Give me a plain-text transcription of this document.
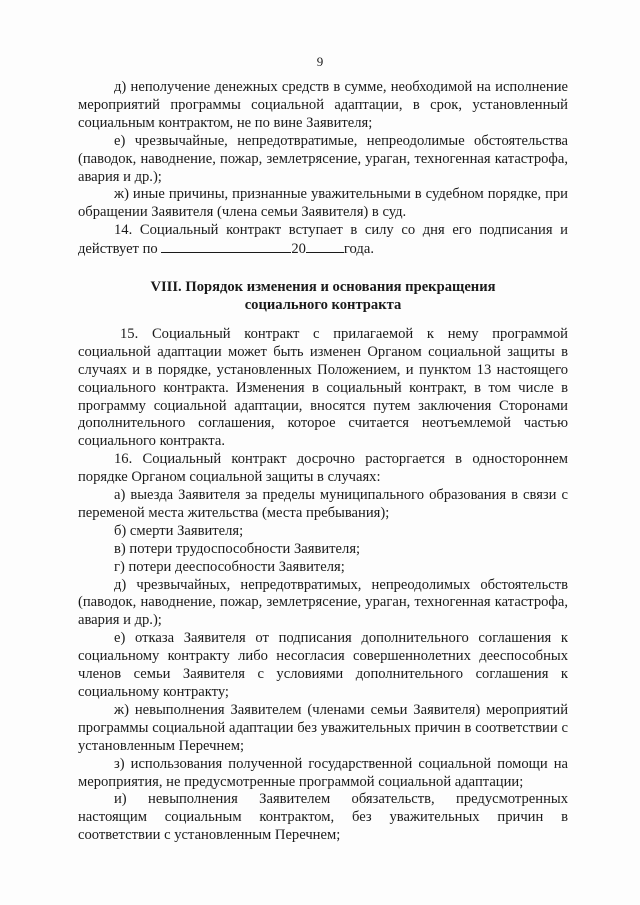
9

д) неполучение денежных средств в сумме, необходимой на исполнение мероприятий программы социальной адаптации, в срок, установленный социальным контрактом, не по вине Заявителя;

е) чрезвычайные, непредотвратимые, непреодолимые обстоятельства (паводок, наводнение, пожар, землетрясение, ураган, техногенная катастрофа, авария и др.);

ж) иные причины, признанные уважительными в судебном порядке, при обращении Заявителя (члена семьи Заявителя) в суд.

14. Социальный контракт вступает в силу со дня его подписания и действует по	20	года.

VIII. Порядок изменения и основания прекращения
социального контракта

15. Социальный контракт с прилагаемой к нему программой социальной адаптации может быть изменен Органом социальной защиты в случаях и в порядке, установленных Положением, и пунктом 13 настоящего социального контракта. Изменения в социальный контракт, в том числе в программу социальной адаптации, вносятся путем заключения Сторонами дополнительного соглашения, которое считается неотъемлемой частью социального контракта.

16. Социальный контракт досрочно расторгается в одностороннем порядке Органом социальной защиты в случаях:

а) выезда Заявителя за пределы муниципального образования в связи с переменой места жительства (места пребывания);

б) смерти Заявителя;

в) потери трудоспособности Заявителя;

г) потери дееспособности Заявителя;

д) чрезвычайных, непредотвратимых, непреодолимых обстоятельств (паводок, наводнение, пожар, землетрясение, ураган, техногенная катастрофа, авария и др.);

е) отказа Заявителя от подписания дополнительного соглашения к социальному контракту либо несогласия совершеннолетних дееспособных членов семьи Заявителя с условиями дополнительного соглашения к социальному контракту;

ж) невыполнения Заявителем (членами семьи Заявителя) мероприятий программы социальной адаптации без уважительных причин в соответствии с установленным Перечнем;

з) использования полученной государственной социальной помощи на мероприятия, не предусмотренные программой социальной адаптации;

и) невыполнения Заявителем обязательств, предусмотренных настоящим социальным контрактом, без уважительных причин в соответствии с установленным Перечнем;
